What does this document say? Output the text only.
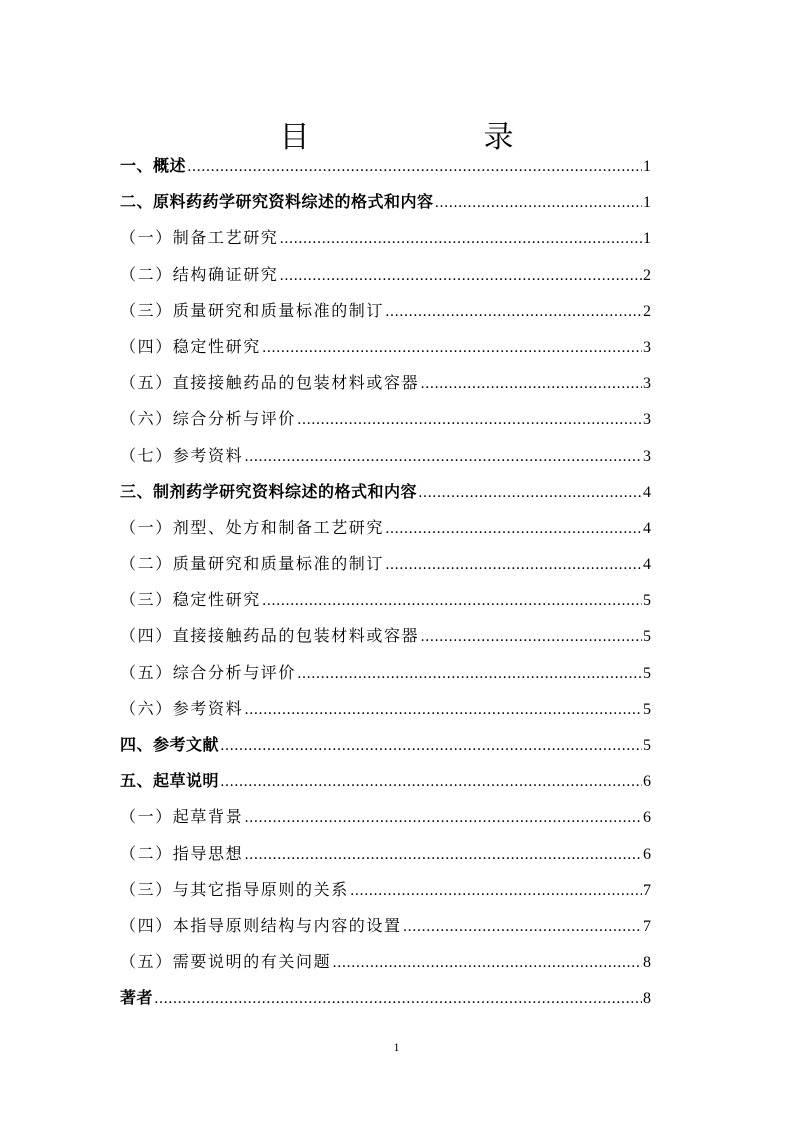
目　录
一、概述 ………………………………………………………………………………………………………………………………………………………………	1
二、原料药药学研究资料综述的格式和内容 ………………………………………………………………………………………………………………………………………………………………	1
（一）制备工艺研究 ………………………………………………………………………………………………………………………………………………………………	1
（二）结构确证研究 ………………………………………………………………………………………………………………………………………………………………	2
（三）质量研究和质量标准的制订 ………………………………………………………………………………………………………………………………………………………………	2
（四）稳定性研究 ………………………………………………………………………………………………………………………………………………………………	3
（五）直接接触药品的包装材料或容器 ………………………………………………………………………………………………………………………………………………………………	3
（六）综合分析与评价 ………………………………………………………………………………………………………………………………………………………………	3
（七）参考资料 ………………………………………………………………………………………………………………………………………………………………	3
三、制剂药学研究资料综述的格式和内容 ………………………………………………………………………………………………………………………………………………………………	4
（一）剂型、处方和制备工艺研究 ………………………………………………………………………………………………………………………………………………………………	4
（二）质量研究和质量标准的制订 ………………………………………………………………………………………………………………………………………………………………	4
（三）稳定性研究 ………………………………………………………………………………………………………………………………………………………………	5
（四）直接接触药品的包装材料或容器 ………………………………………………………………………………………………………………………………………………………………	5
（五）综合分析与评价 ………………………………………………………………………………………………………………………………………………………………	5
（六）参考资料 ………………………………………………………………………………………………………………………………………………………………	5
四、参考文献 ………………………………………………………………………………………………………………………………………………………………	5
五、起草说明 ………………………………………………………………………………………………………………………………………………………………	6
（一）起草背景 ………………………………………………………………………………………………………………………………………………………………	6
（二）指导思想 ………………………………………………………………………………………………………………………………………………………………	6
（三）与其它指导原则的关系 ………………………………………………………………………………………………………………………………………………………………	7
（四）本指导原则结构与内容的设置 ………………………………………………………………………………………………………………………………………………………………	7
（五）需要说明的有关问题 ………………………………………………………………………………………………………………………………………………………………	8
著者 ………………………………………………………………………………………………………………………………………………………………	8
1
